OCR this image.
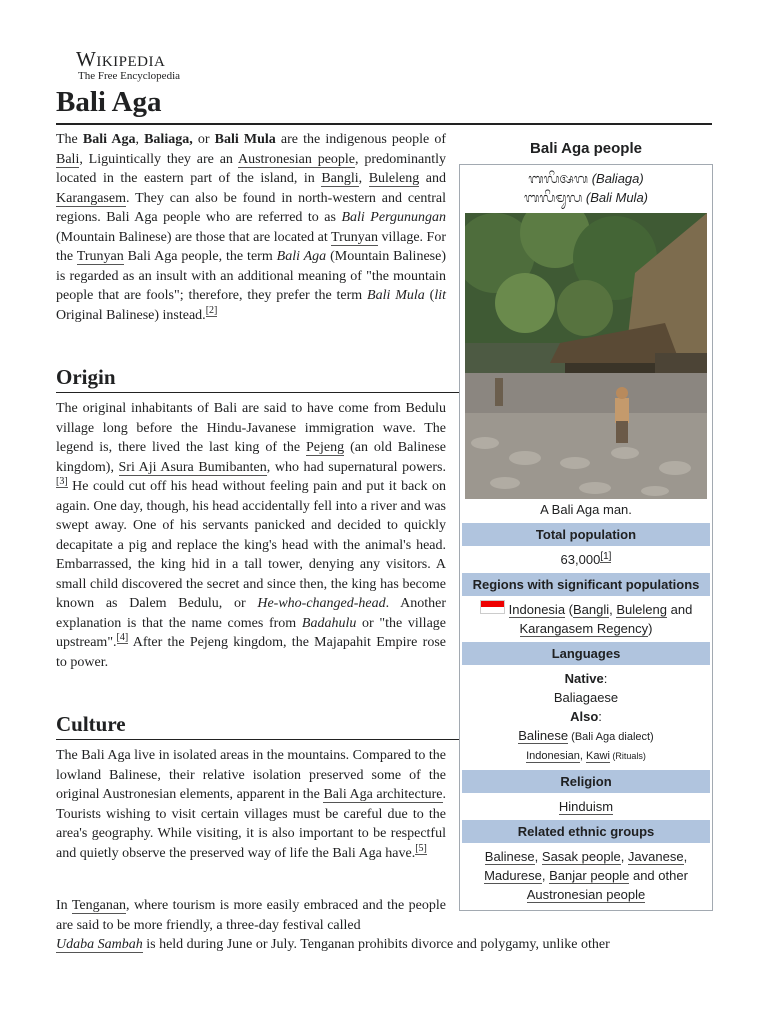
Wikipedia
The Free Encyclopedia
Bali Aga
The Bali Aga, Baliaga, or Bali Mula are the indigenous people of Bali, Liguintically they are an Austronesian people, predominantly located in the eastern part of the island, in Bangli, Buleleng and Karangasem. They can also be found in north-western and central regions. Bali Aga people who are referred to as Bali Pergunungan (Mountain Balinese) are those that are located at Trunyan village. For the Trunyan Bali Aga people, the term Bali Aga (Mountain Balinese) is regarded as an insult with an additional meaning of "the mountain people that are fools"; therefore, they prefer the term Bali Mula (lit Original Balinese) instead.[2]
Origin
The original inhabitants of Bali are said to have come from Bedulu village long before the Hindu-Javanese immigration wave. The legend is, there lived the last king of the Pejeng (an old Balinese kingdom), Sri Aji Asura Bumibanten, who had supernatural powers.[3] He could cut off his head without feeling pain and put it back on again. One day, though, his head accidentally fell into a river and was swept away. One of his servants panicked and decided to quickly decapitate a pig and replace the king's head with the animal's head. Embarrassed, the king hid in a tall tower, denying any visitors. A small child discovered the secret and since then, the king has become known as Dalem Bedulu, or He-who-changed-head. Another explanation is that the name comes from Badahulu or "the village upstream".[4] After the Pejeng kingdom, the Majapahit Empire rose to power.
Culture
The Bali Aga live in isolated areas in the mountains. Compared to the lowland Balinese, their relative isolation preserved some of the original Austronesian elements, apparent in the Bali Aga architecture. Tourists wishing to visit certain villages must be careful due to the area's geography. While visiting, it is also important to be respectful and quietly observe the preserved way of life the Bali Aga have.[5]
In Tenganan, where tourism is more easily embraced and the people are said to be more friendly, a three-day festival called
Udaba Sambah is held during June or July. Tenganan prohibits divorce and polygamy, unlike other
Bali Aga people
ᬩᬮᬶᬅᬕ (Baliaga)
ᬩᬮᬶᬫᬸᬮ (Bali Mula)
A Bali Aga man.
Total population
63,000[1]
Regions with significant populations
Indonesia (Bangli, Buleleng and Karangasem Regency)
Languages
Native:
Baliagaese
Also:
Balinese (Bali Aga dialect)
Indonesian, Kawi (Rituals)
Religion
Hinduism
Related ethnic groups
Balinese, Sasak people, Javanese, Madurese, Banjar people and other Austronesian people
